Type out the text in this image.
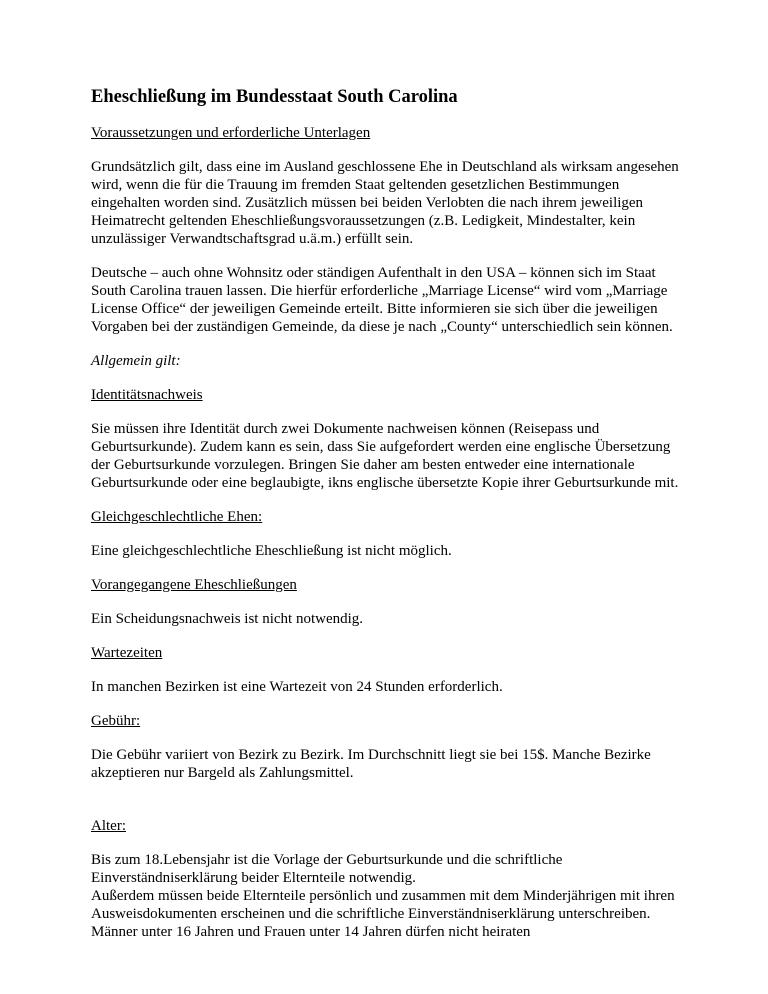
Eheschließung im Bundesstaat South Carolina
Voraussetzungen und erforderliche Unterlagen
Grundsätzlich gilt, dass eine im Ausland geschlossene Ehe in Deutschland als wirksam angesehen wird, wenn die für die Trauung im fremden Staat geltenden gesetzlichen Bestimmungen eingehalten worden sind. Zusätzlich müssen bei beiden Verlobten die nach ihrem jeweiligen Heimatrecht geltenden Eheschließungsvoraussetzungen (z.B. Ledigkeit, Mindestalter, kein unzulässiger Verwandtschaftsgrad u.ä.m.) erfüllt sein.
Deutsche – auch ohne Wohnsitz oder ständigen Aufenthalt in den USA – können sich im Staat South Carolina trauen lassen. Die hierfür erforderliche „Marriage License“ wird vom „Marriage License Office“ der jeweiligen Gemeinde erteilt. Bitte informieren sie sich über die jeweiligen Vorgaben bei der zuständigen Gemeinde, da diese je nach „County“ unterschiedlich sein können.
Allgemein gilt:
Identitätsnachweis
Sie müssen ihre Identität durch zwei Dokumente nachweisen können (Reisepass und Geburtsurkunde). Zudem kann es sein, dass Sie aufgefordert werden eine englische Übersetzung der Geburtsurkunde vorzulegen. Bringen Sie daher am besten entweder eine internationale Geburtsurkunde oder eine beglaubigte, ikns englische übersetzte Kopie ihrer Geburtsurkunde mit.
Gleichgeschlechtliche Ehen:
Eine gleichgeschlechtliche Eheschließung ist nicht möglich.
Vorangegangene Eheschließungen
Ein Scheidungsnachweis ist nicht notwendig.
Wartezeiten
In manchen Bezirken ist eine Wartezeit von 24 Stunden erforderlich.
Gebühr:
Die Gebühr variiert von Bezirk zu Bezirk. Im Durchschnitt liegt sie bei 15$. Manche Bezirke akzeptieren nur Bargeld als Zahlungsmittel.
Alter:
Bis zum 18.Lebensjahr ist die Vorlage der Geburtsurkunde und die schriftliche Einverständniserklärung beider Elternteile notwendig.
Außerdem müssen beide Elternteile persönlich und zusammen mit dem Minderjährigen mit ihren Ausweisdokumenten erscheinen und die schriftliche Einverständniserklärung unterschreiben. Männer unter 16 Jahren und Frauen unter 14 Jahren dürfen nicht heiraten
